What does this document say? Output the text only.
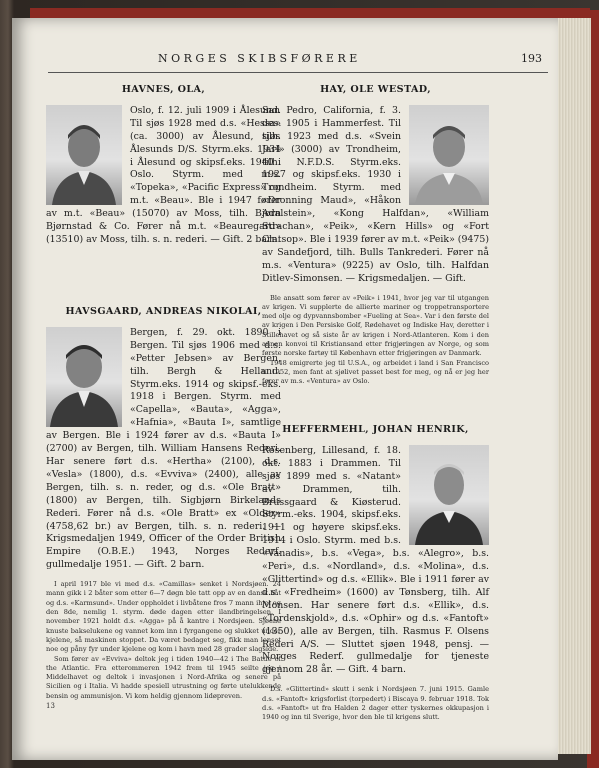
NORGES SKIBSFØRERE	193
HAVNES, OLA,

Oslo, f. 12. juli 1909 i Ålesund. Til sjøs 1928 med d.s. «Hessa» (ca. 3000) av Ålesund, tilh. Ålesunds D/S. Styrm.eks. 1934 i Ålesund og skipsf.eks. 1940 i Oslo. Styrm. med m.s. «Topeka», «Pacific Express» og m.t. «Beau». Ble i 1947 fører av m.t. «Beau» (15070) av Moss, tilh. Bjørn Bjørnstad & Co. Fører nå m.t. «Beauregard» (13510) av Moss, tilh. s. n. rederi. — Gift. 2 barn.

HAVSGAARD, ANDREAS NIKOLAI,

Bergen, f. 29. okt. 1890 i Bergen. Til sjøs 1906 med d.s. «Petter Jebsen» av Bergen, tilh. Bergh & Helland. Styrm.eks. 1914 og skipsf.-eks. 1918 i Bergen. Styrm. med «Capella», «Bauta», «Agga», «Hafnia», «Bauta I», samtlige av Bergen. Ble i 1924 fører av d.s. «Bauta I» (2700) av Bergen, tilh. William Hansens Rederi. Har senere ført d.s. «Hertha» (2100), d.s. «Vesla» (1800), d.s. «Evviva» (2400), alle av Bergen, tilh. s. n. reder, og d.s. «Ole Bratt» (1800) av Bergen, tilh. Sigbjørn Birkelands Rederi. Fører nå d.s. «Ole Bratt» ex «Older» (4758,62 br.) av Bergen, tilh. s. n. rederi. — Krigsmedaljen 1949, Officer of the Order British Empire (O.B.E.) 1943, Norges Rederf. gullmedalje 1951. — Gift. 2 barn.

I april 1917 ble vi med d.s. «Camillas» senket i Nordsjøen. 24 mann gikk i 2 båter som etter 6—7 døgn ble tatt opp av en dansk båt og d.s. «Karmsund». Under oppholdet i livbåtene fros 7 mann ihjel og den 8de, nemlig 1. styrm. døde dagen etter ilandbringelsen. I november 1921 holdt d.s. «Agga» på å kantre i Nordsjøen. Sjøene knuste bakselukene og vannet kom inn i fyrgangene og slukket under kjelene, så maskinen stoppet. Da været bedaget seg, fikk man lenset noe og påny fyr under kjelene og kom i havn med 28 grader slagside.

Som fører av «Evviva» deltok jeg i tiden 1940—42 i The Battle of the Atlantic. Fra etterommeren 1942 frem til 1945 seilte jeg i Middelhavet og deltok i invasjonen i Nord-Afrika og senere på Sicilien og i Italia. Vi hadde spesiell utrustning og førte utelukkende bensin og ammunisjon. Vi kom heldig gjennom lidøpreven.

13
HAY, OLE WESTAD,

San Pedro, California, f. 3. des. 1905 i Hammerfest. Til sjøs 1923 med d.s. «Svein Jarl» (3000) av Trondheim, tilh. N.F.D.S. Styrm.eks. 1927 og skipsf.eks. 1930 i Trondheim. Styrm. med «Dronning Maud», «Håkon Adalstein», «Kong Halfdan», «William Strachan», «Peik», «Kern Hills» og «Fort Clatsop». Ble i 1939 fører av m.t. «Peik» (9475) av Sandefjord, tilh. Bulls Tankrederi. Fører nå m.s. «Ventura» (9225) av Oslo, tilh. Halfdan Ditlev-Simonsen. — Krigsmedaljen. — Gift.

Ble ansatt som fører av «Peik» i 1941, hvor jeg var til utgangen av krigen. Vi supplerte de allierte mariner og troppetransportere med olje og dypvannsbomber «Fueling at Sea». Var i den første del av krigen i Den Persiske Golf, Rødehavet og Indiske Hav, deretter i Stillehavet og så siste år av krigen i Nord-Atlanteren. Kom i den annen konvoi til Kristiansand etter frigjøringen av Norge, og som første norske fartøy til København etter frigjøringen av Danmark.

1948 emigrerte jeg til U.S.A., og arbeidet i land i San Francisco til 1952, men fant at sjølivet passet best for meg, og nå er jeg her fører av m.s. «Ventura» av Oslo.

HEFFERMEHL, JOHAN HENRIK,

Rosenberg, Lillesand, f. 18. okt. 1883 i Drammen. Til sjøs 1899 med s. «Natant» av Drammen, tilh. Brussgaard & Kiøsterud. Styrm.-eks. 1904, skipsf.eks. 1911 og høyere skipsf.eks. 1914 i Oslo. Styrm. med b.s. «Vanadis», b.s. «Vega», b.s. «Alegro», b.s. «Peri», d.s. «Nordland», d.s. «Molina», d.s. «Glittertind» og d.s. «Ellik». Ble i 1911 fører av d.s. «Fredheim» (1600) av Tønsberg, tilh. Alf Monsen. Har senere ført d.s. «Ellik», d.s. «Tordenskjold», d.s. «Ophir» og d.s. «Fantoft» (1350), alle av Bergen, tilh. Rasmus F. Olsens Rederi A/S. — Sluttet sjøen 1948, pensj. — Norges Rederf. gullmedalje for tjeneste gjennom 28 år. — Gift. 4 barn.

D.s. «Glittertind» skutt i senk i Nordsjøen 7. juni 1915. Gamle d.s. «Fantoft» krigsforlist (torpedert) i Biscaya 9. februar 1918. Tok d.s. «Fantoft» ut fra Halden 2 dager etter tyskernes okkupasjon i 1940 og inn til Sverige, hvor den ble til krigens slutt.
